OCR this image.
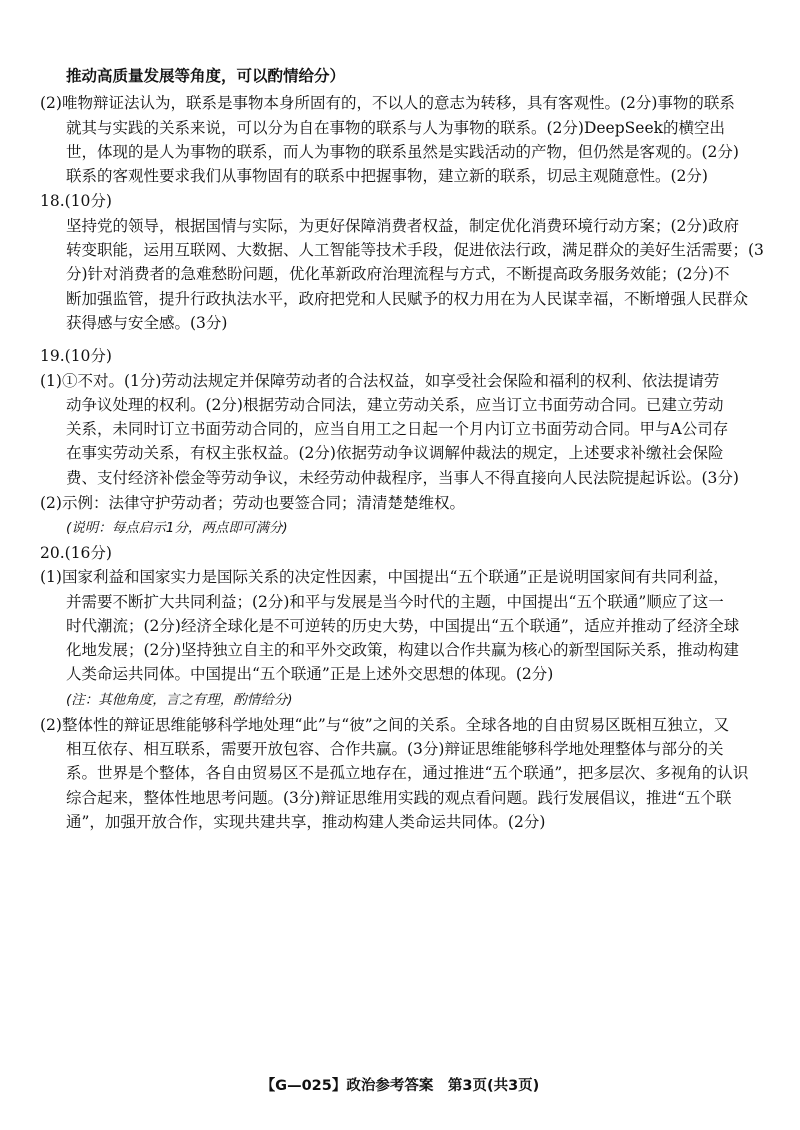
推动高质量发展等角度，可以酌情给分）
(2)唯物辩证法认为，联系是事物本身所固有的，不以人的意志为转移，具有客观性。(2分)事物的联系
就其与实践的关系来说，可以分为自在事物的联系与人为事物的联系。(2分)DeepSeek的横空出
世，体现的是人为事物的联系，而人为事物的联系虽然是实践活动的产物，但仍然是客观的。(2分)
联系的客观性要求我们从事物固有的联系中把握事物，建立新的联系，切忌主观随意性。(2分)
18.(10分)
坚持党的领导，根据国情与实际，为更好保障消费者权益，制定优化消费环境行动方案；(2分)政府
转变职能，运用互联网、大数据、人工智能等技术手段，促进依法行政，满足群众的美好生活需要；(3
分)针对消费者的急难愁盼问题，优化革新政府治理流程与方式，不断提高政务服务效能；(2分)不
断加强监管，提升行政执法水平，政府把党和人民赋予的权力用在为人民谋幸福，不断增强人民群众
获得感与安全感。(3分)
19.(10分)
(1)①不对。(1分)劳动法规定并保障劳动者的合法权益，如享受社会保险和福利的权利、依法提请劳
动争议处理的权利。(2分)根据劳动合同法，建立劳动关系，应当订立书面劳动合同。已建立劳动
关系，未同时订立书面劳动合同的，应当自用工之日起一个月内订立书面劳动合同。甲与A公司存
在事实劳动关系，有权主张权益。(2分)依据劳动争议调解仲裁法的规定，上述要求补缴社会保险
费、支付经济补偿金等劳动争议，未经劳动仲裁程序，当事人不得直接向人民法院提起诉讼。(3分)
(2)示例：法律守护劳动者；劳动也要签合同；清清楚楚维权。
(说明：每点启示1分，两点即可满分)
20.(16分)
(1)国家利益和国家实力是国际关系的决定性因素，中国提出“五个联通”正是说明国家间有共同利益，
并需要不断扩大共同利益；(2分)和平与发展是当今时代的主题，中国提出“五个联通”顺应了这一
时代潮流；(2分)经济全球化是不可逆转的历史大势，中国提出“五个联通”，适应并推动了经济全球
化地发展；(2分)坚持独立自主的和平外交政策，构建以合作共赢为核心的新型国际关系，推动构建
人类命运共同体。中国提出“五个联通”正是上述外交思想的体现。(2分)
(注：其他角度，言之有理，酌情给分)
(2)整体性的辩证思维能够科学地处理“此”与“彼”之间的关系。全球各地的自由贸易区既相互独立，又
相互依存、相互联系，需要开放包容、合作共赢。(3分)辩证思维能够科学地处理整体与部分的关
系。世界是个整体，各自由贸易区不是孤立地存在，通过推进“五个联通”，把多层次、多视角的认识
综合起来，整体性地思考问题。(3分)辩证思维用实践的观点看问题。践行发展倡议，推进“五个联
通”，加强开放合作，实现共建共享，推动构建人类命运共同体。(2分)
【G—025】政治参考答案　第3页(共3页)
